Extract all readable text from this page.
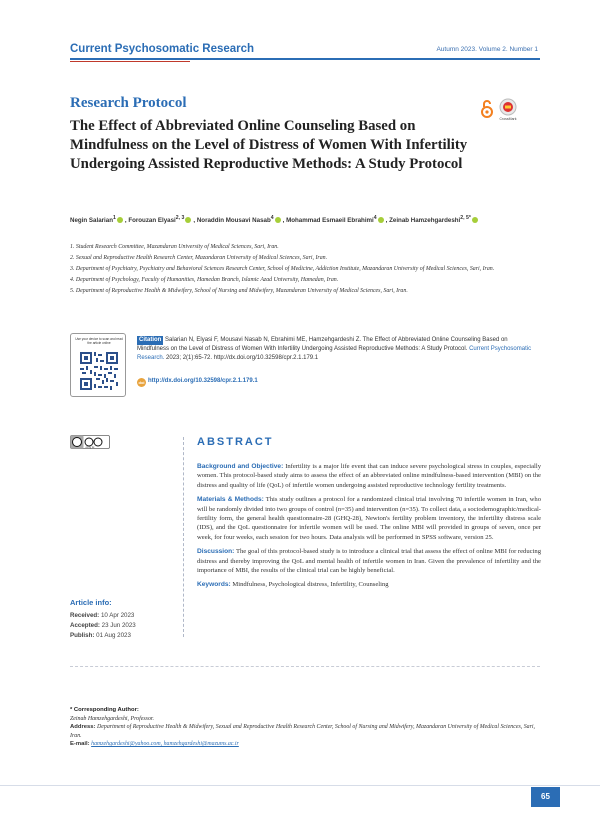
Current Psychosomatic Research	Autumn 2023. Volume 2. Number 1
Research Protocol
The Effect of Abbreviated Online Counseling Based on Mindfulness on the Level of Distress of Women With Infertility Undergoing Assisted Reproductive Methods: A Study Protocol
CrossMark
Negin Salarian$^1$ , Forouzan Elyasi$^{2, 3}$ , Noraddin Mousavi Nasab$^4$ , Mohammad Esmaeil Ebrahimi$^4$ , Zeinab Hamzehgardeshi$^{2, 5*}$
1. Student Research Committee, Mazandaran University of Medical Sciences, Sari, Iran.
2. Sexual and Reproductive Health Research Center, Mazandaran University of Medical Sciences, Sari, Iran.
3. Department of Psychiatry, Psychiatry and Behavioral Sciences Research Center, School of Medicine, Addiction Institute, Mazandaran University of Medical Sciences, Sari, Iran.
4. Department of Psychology, Faculty of Humanities, Hamedan Branch, Islamic Azad University, Hamedan, Iran.
5. Department of Reproductive Health & Midwifery, School of Nursing and Midwifery, Mazandaran University of Medical Sciences, Sari, Iran.
Use your device to scan and read the article online	Citation Salarian N, Elyasi F, Mousavi Nasab N, Ebrahimi ME, Hamzehgardeshi Z. The Effect of Abbreviated Online Counseling Based on Mindfulness on the Level of Distress of Women With Infertility Undergoing Assisted Reproductive Methods: A Study Protocol. Current Psychosomatic Research. 2023; 2(1):65-72. http://dx.doi.org/10.32598/cpr.2.1.179.1
doi http://dx.doi.org/10.32598/cpr.2.1.179.1
cc by nc	ABSTRACT

Background and Objective: Infertility is a major life event that can induce severe psychological stress in couples, especially women. This protocol-based study aims to assess the effect of an abbreviated online mindfulness-based intervention (MBI) on the distress and quality of life (QoL) of infertile women undergoing assisted reproductive technology fertility treatments.

Materials & Methods: This study outlines a protocol for a randomized clinical trial involving 70 infertile women in Iran, who will be randomly divided into two groups of control (n=35) and intervention (n=35). To collect data, a sociodemographic/medical-fertility form, the general health questionnaire-28 (GHQ-28), Newton's fertility problem inventory, the infertility distress scale (IDS), and the QoL questionnaire for infertile women will be used. The online MBI will provided in groups of seven, once per week, for four weeks, each session for two hours. Data analysis will be performed in SPSS software, version 25.

Discussion: The goal of this protocol-based study is to introduce a clinical trial that assess the effect of online MBI for reducing distress and thereby improving the QoL and mental health of infertile women in Iran. Given the prevalence of infertility and the importance of MBI, the results of the clinical trial can be highly beneficial.

Keywords: Mindfulness, Psychological distress, Infertility, Counseling

Article info:
Received: 10 Apr 2023
Accepted: 23 Jun 2023
Publish: 01 Aug 2023
* Corresponding Author:
Zeinab Hamzehgardeshi, Professor.
Address: Department of Reproductive Health & Midwifery, Sexual and Reproductive Health Research Center, School of Nursing and Midwifery, Mazandaran University of Medical Sciences, Sari, Iran.
E-mail: hamzehgardeshi@yahoo.com, hamzehgardeshi@mazums.ac.ir
65
